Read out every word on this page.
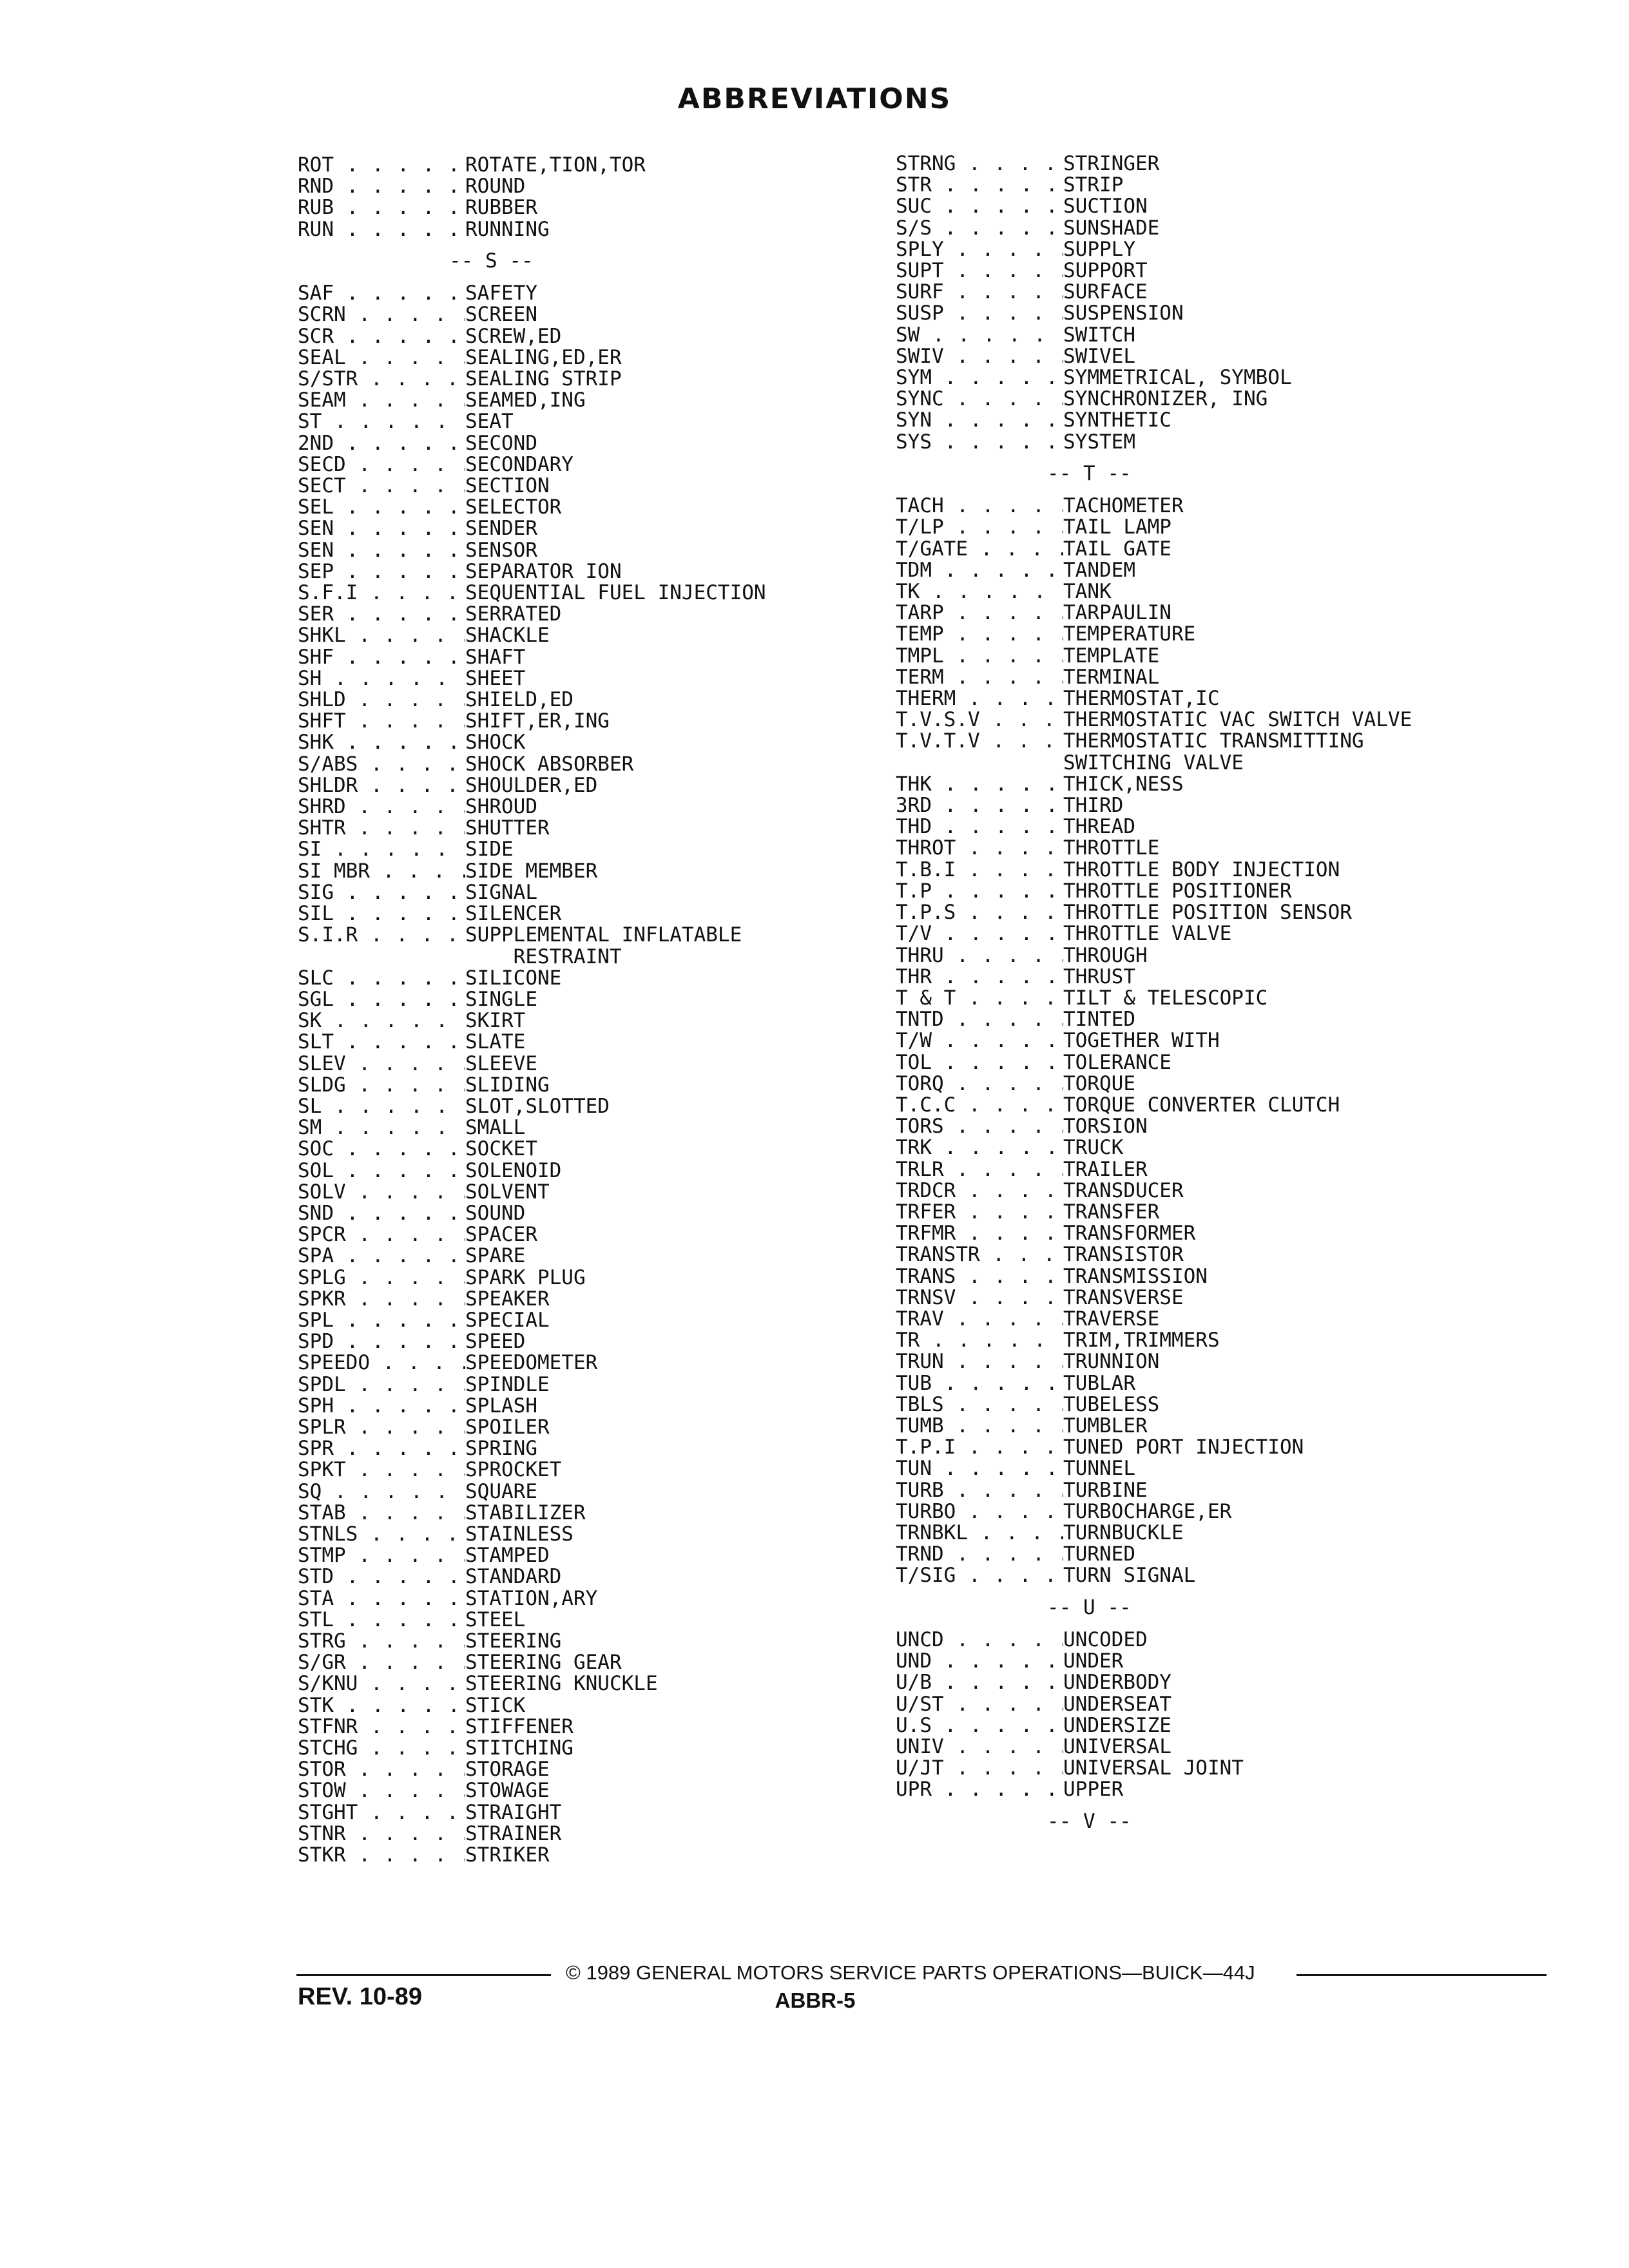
ABBREVIATIONS
ROT . . .	ROTATE,TION,TOR
RND . . .	ROUND
RUB . . .	RUBBER
RUN . . .	RUNNING
-- S --
SAF . . .	SAFETY
SCRN . . .	SCREEN
SCR . . .	SCREW,ED
SEAL . . .	SEALING,ED,ER
S/STR . . .	SEALING STRIP
SEAM . . .	SEAMED,ING
ST . . .	SEAT
2ND . . .	SECOND
SECD . . .	SECONDARY
SECT . . .	SECTION
SEL . . .	SELECTOR
SEN . . .	SENDER
SEN . . .	SENSOR
SEP . . .	SEPARATOR ION
S.F.I . . .	SEQUENTIAL FUEL INJECTION
SER . . .	SERRATED
SHKL . . .	SHACKLE
SHF . . .	SHAFT
SH . . .	SHEET
SHLD . . .	SHIELD,ED
SHFT . . .	SHIFT,ER,ING
SHK . . .	SHOCK
S/ABS . . .	SHOCK ABSORBER
SHLDR . . .	SHOULDER,ED
SHRD . . .	SHROUD
SHTR . . .	SHUTTER
SI . . .	SIDE
SI MBR . . .	SIDE MEMBER
SIG . . .	SIGNAL
SIL . . .	SILENCER
S.I.R . . .	SUPPLEMENTAL INFLATABLE
RESTRAINT
SLC . . .	SILICONE
SGL . . .	SINGLE
SK . . .	SKIRT
SLT . . .	SLATE
SLEV . . .	SLEEVE
SLDG . . .	SLIDING
SL . . .	SLOT,SLOTTED
SM . . .	SMALL
SOC . . .	SOCKET
SOL . . .	SOLENOID
SOLV . . .	SOLVENT
SND . . .	SOUND
SPCR . . .	SPACER
SPA . . .	SPARE
SPLG . . .	SPARK PLUG
SPKR . . .	SPEAKER
SPL . . .	SPECIAL
SPD . . .	SPEED
SPEEDO . . .	SPEEDOMETER
SPDL . . .	SPINDLE
SPH . . .	SPLASH
SPLR . . .	SPOILER
SPR . . .	SPRING
SPKT . . .	SPROCKET
SQ . . .	SQUARE
STAB . . .	STABILIZER
STNLS . . .	STAINLESS
STMP . . .	STAMPED
STD . . .	STANDARD
STA . . .	STATION,ARY
STL . . .	STEEL
STRG . . .	STEERING
S/GR . . .	STEERING GEAR
S/KNU . . .	STEERING KNUCKLE
STK . . .	STICK
STFNR . . .	STIFFENER
STCHG . . .	STITCHING
STOR . . .	STORAGE
STOW . . .	STOWAGE
STGHT . . .	STRAIGHT
STNR . . .	STRAINER
STKR . . .	STRIKER
STRNG . . .	STRINGER
STR . . .	STRIP
SUC . . .	SUCTION
S/S . . .	SUNSHADE
SPLY . . .	SUPPLY
SUPT . . .	SUPPORT
SURF . . .	SURFACE
SUSP . . .	SUSPENSION
SW . . .	SWITCH
SWIV . . .	SWIVEL
SYM . . .	SYMMETRICAL, SYMBOL
SYNC . . .	SYNCHRONIZER, ING
SYN . . .	SYNTHETIC
SYS . . .	SYSTEM
-- T --
TACH . . .	TACHOMETER
T/LP . . .	TAIL LAMP
T/GATE . . .	TAIL GATE
TDM . . .	TANDEM
TK . . .	TANK
TARP . . .	TARPAULIN
TEMP . . .	TEMPERATURE
TMPL . . .	TEMPLATE
TERM . . .	TERMINAL
THERM . . .	THERMOSTAT,IC
T.V.S.V . . .	THERMOSTATIC VAC SWITCH VALVE
T.V.T.V . . .	THERMOSTATIC TRANSMITTING
SWITCHING VALVE
THK . . .	THICK,NESS
3RD . . .	THIRD
THD . . .	THREAD
THROT . . .	THROTTLE
T.B.I . . .	THROTTLE BODY INJECTION
T.P . . .	THROTTLE POSITIONER
T.P.S . . .	THROTTLE POSITION SENSOR
T/V . . .	THROTTLE VALVE
THRU . . .	THROUGH
THR . . .	THRUST
T & T . . .	TILT & TELESCOPIC
TNTD . . .	TINTED
T/W . . .	TOGETHER WITH
TOL . . .	TOLERANCE
TORQ . . .	TORQUE
T.C.C . . .	TORQUE CONVERTER CLUTCH
TORS . . .	TORSION
TRK . . .	TRUCK
TRLR . . .	TRAILER
TRDCR . . .	TRANSDUCER
TRFER . . .	TRANSFER
TRFMR . . .	TRANSFORMER
TRANSTR . . .	TRANSISTOR
TRANS . . .	TRANSMISSION
TRNSV . . .	TRANSVERSE
TRAV . . .	TRAVERSE
TR . . .	TRIM,TRIMMERS
TRUN . . .	TRUNNION
TUB . . .	TUBLAR
TBLS . . .	TUBELESS
TUMB . . .	TUMBLER
T.P.I . . .	TUNED PORT INJECTION
TUN . . .	TUNNEL
TURB . . .	TURBINE
TURBO . . .	TURBOCHARGE,ER
TRNBKL . . .	TURNBUCKLE
TRND . . .	TURNED
T/SIG . . .	TURN SIGNAL
-- U --
UNCD . . .	UNCODED
UND . . .	UNDER
U/B . . .	UNDERBODY
U/ST . . .	UNDERSEAT
U.S . . .	UNDERSIZE
UNIV . . .	UNIVERSAL
U/JT . . .	UNIVERSAL JOINT
UPR . . .	UPPER
-- V --
© 1989 GENERAL MOTORS SERVICE PARTS OPERATIONS—BUICK—44J
REV. 10-89	ABBR-5
